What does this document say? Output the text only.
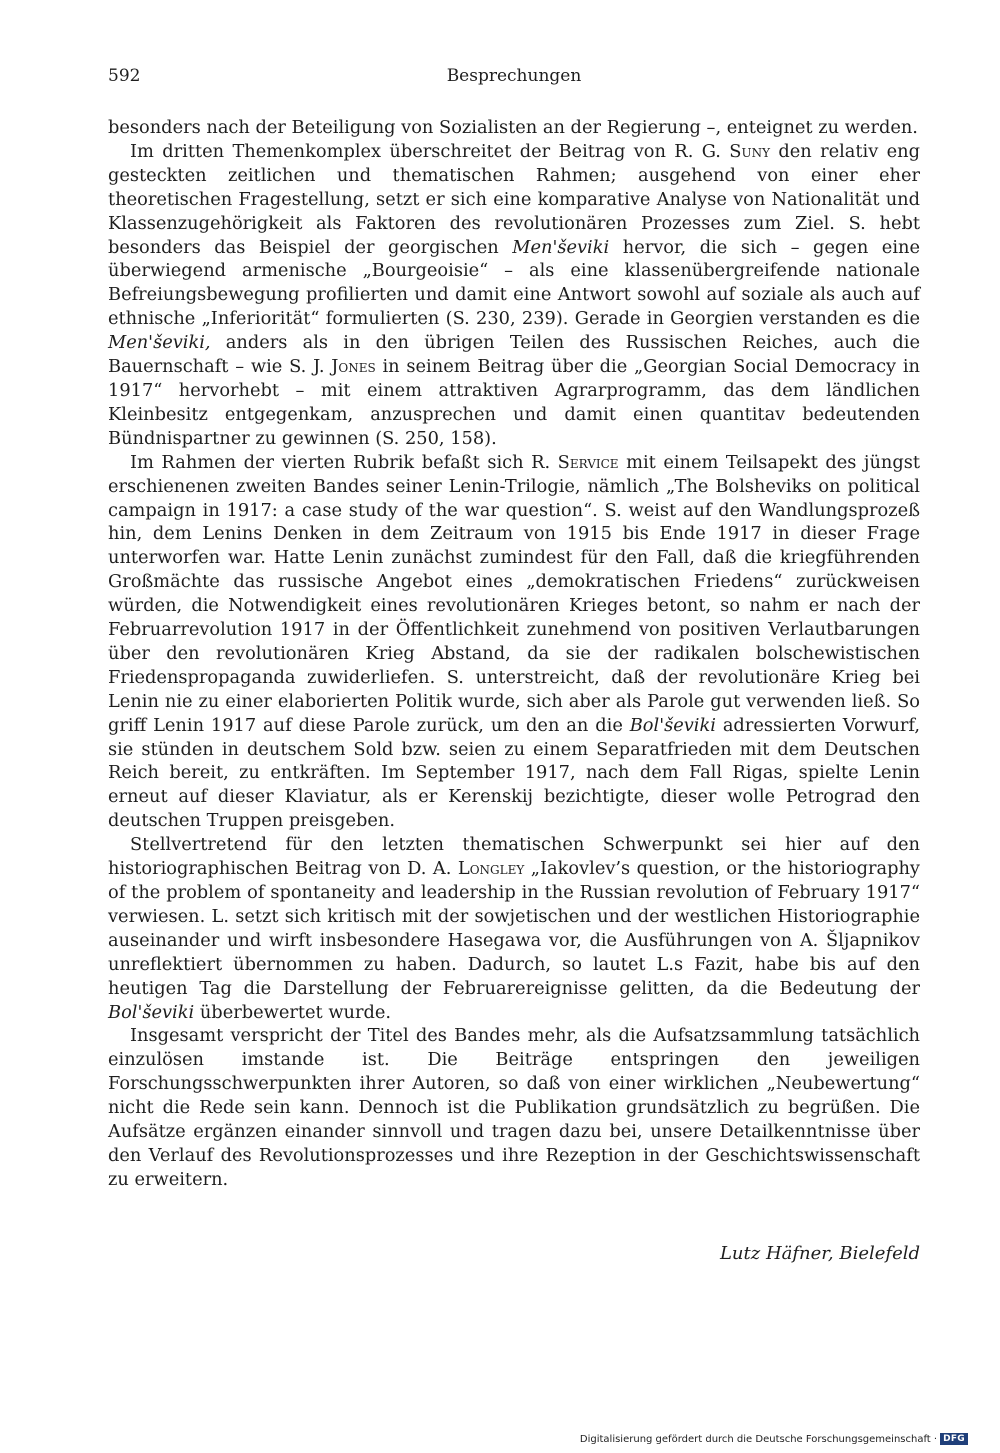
592	Besprechungen

besonders nach der Beteiligung von Sozialisten an der Regierung –, enteignet zu werden.

Im dritten Themenkomplex überschreitet der Beitrag von R. G. Suny den relativ eng gesteckten zeitlichen und thematischen Rahmen; ausgehend von einer eher theoretischen Fragestellung, setzt er sich eine komparative Analyse von Nationalität und Klassenzugehörigkeit als Faktoren des revolutionären Prozesses zum Ziel. S. hebt besonders das Beispiel der georgischen Men'ševiki hervor, die sich – gegen eine überwiegend armenische „Bourgeoisie“ – als eine klassenübergreifende nationale Befreiungsbewegung profilierten und damit eine Antwort sowohl auf soziale als auch auf ethnische „Inferiorität“ formulierten (S. 230, 239). Gerade in Georgien verstanden es die Men'ševiki, anders als in den übrigen Teilen des Russischen Reiches, auch die Bauernschaft – wie S. J. Jones in seinem Beitrag über die „Georgian Social Democracy in 1917“ hervorhebt – mit einem attraktiven Agrarprogramm, das dem ländlichen Kleinbesitz entgegenkam, anzusprechen und damit einen quantitav bedeutenden Bündnispartner zu gewinnen (S. 250, 158).

Im Rahmen der vierten Rubrik befaßt sich R. Service mit einem Teilsapekt des jüngst erschienenen zweiten Bandes seiner Lenin-Trilogie, nämlich „The Bolsheviks on political campaign in 1917: a case study of the war question“. S. weist auf den Wandlungsprozeß hin, dem Lenins Denken in dem Zeitraum von 1915 bis Ende 1917 in dieser Frage unterworfen war. Hatte Lenin zunächst zumindest für den Fall, daß die kriegführenden Großmächte das russische Angebot eines „demokratischen Friedens“ zurückweisen würden, die Notwendigkeit eines revolutionären Krieges betont, so nahm er nach der Februarrevolution 1917 in der Öffentlichkeit zunehmend von positiven Verlautbarungen über den revolutionären Krieg Abstand, da sie der radikalen bolschewistischen Friedenspropaganda zuwiderliefen. S. unterstreicht, daß der revolutionäre Krieg bei Lenin nie zu einer elaborierten Politik wurde, sich aber als Parole gut verwenden ließ. So griff Lenin 1917 auf diese Parole zurück, um den an die Bol'ševiki adressierten Vorwurf, sie stünden in deutschem Sold bzw. seien zu einem Separatfrieden mit dem Deutschen Reich bereit, zu entkräften. Im September 1917, nach dem Fall Rigas, spielte Lenin erneut auf dieser Klaviatur, als er Kerenskij bezichtigte, dieser wolle Petrograd den deutschen Truppen preisgeben.

Stellvertretend für den letzten thematischen Schwerpunkt sei hier auf den historiographischen Beitrag von D. A. Longley „Iakovlev’s question, or the historiography of the problem of spontaneity and leadership in the Russian revolution of February 1917“ verwiesen. L. setzt sich kritisch mit der sowjetischen und der westlichen Historiographie auseinander und wirft insbesondere Hasegawa vor, die Ausführungen von A. Šljapnikov unreflektiert übernommen zu haben. Dadurch, so lautet L.s Fazit, habe bis auf den heutigen Tag die Darstellung der Februarereignisse gelitten, da die Bedeutung der Bol'ševiki überbewertet wurde.

Insgesamt verspricht der Titel des Bandes mehr, als die Aufsatzsammlung tatsächlich einzulösen imstande ist. Die Beiträge entspringen den jeweiligen Forschungsschwerpunkten ihrer Autoren, so daß von einer wirklichen „Neubewertung“ nicht die Rede sein kann. Dennoch ist die Publikation grundsätzlich zu begrüßen. Die Aufsätze ergänzen einander sinnvoll und tragen dazu bei, unsere Detailkenntnisse über den Verlauf des Revolutionsprozesses und ihre Rezeption in der Geschichtswissenschaft zu erweitern.

Lutz Häfner, Bielefeld
Digitalisierung gefördert durch die Deutsche Forschungsgemeinschaft · DFG
